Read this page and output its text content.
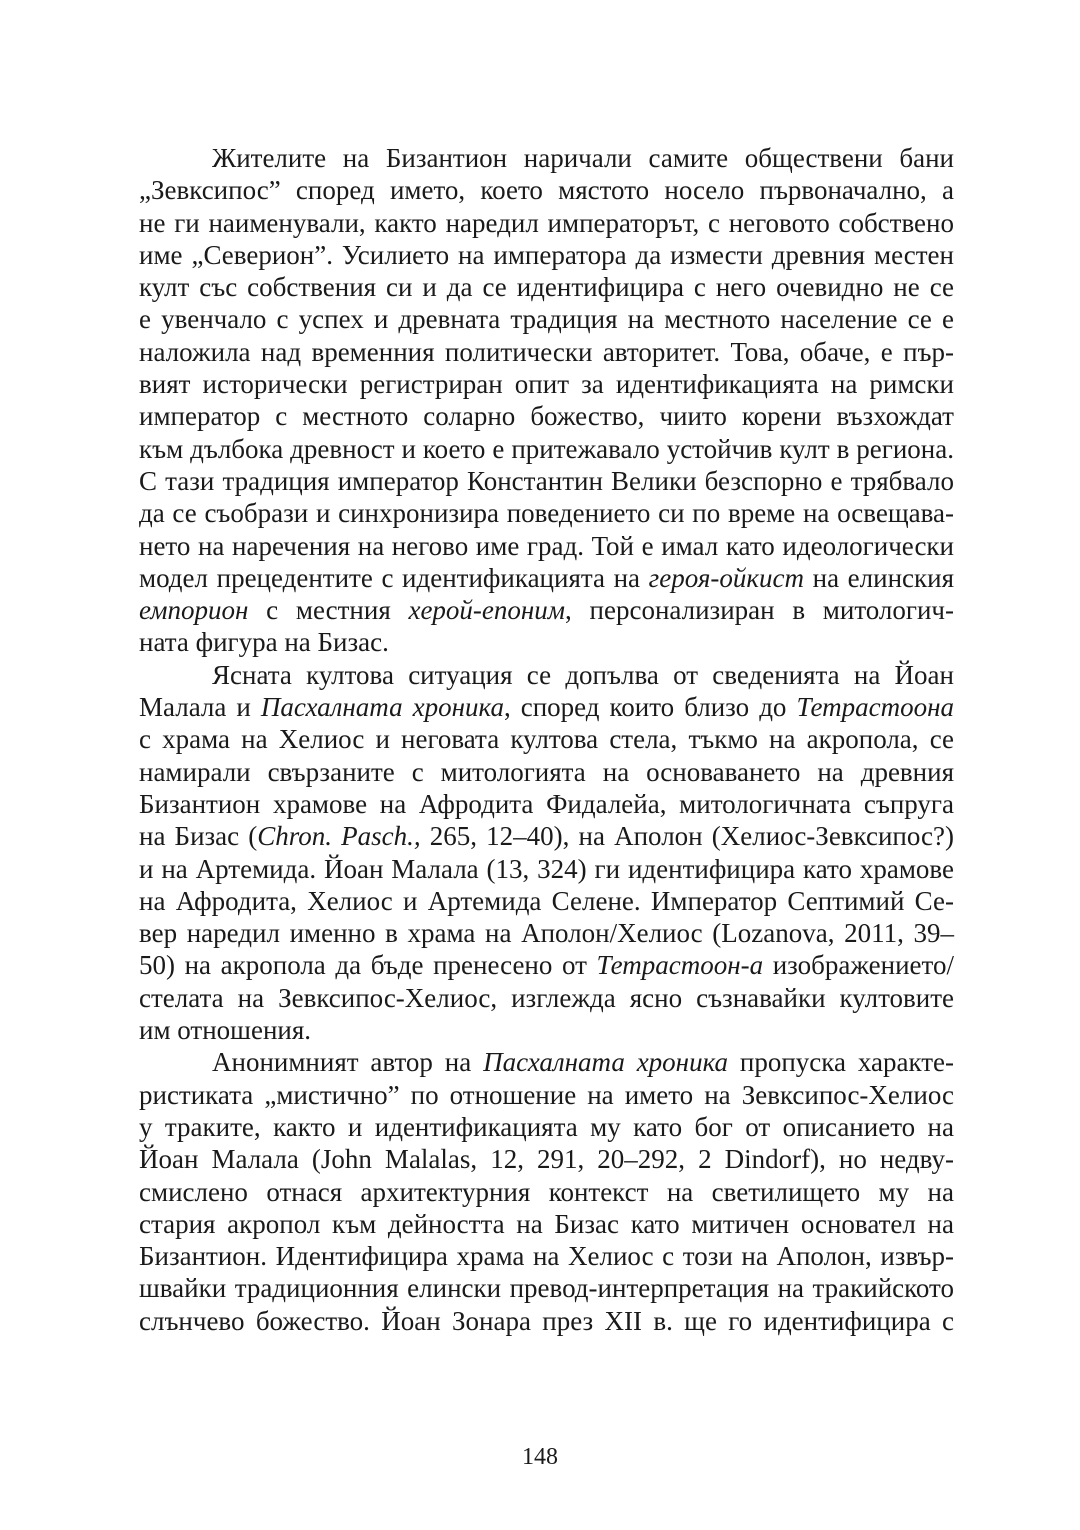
Жителите на Бизантион наричали самите обществени бани
„Зевксипос” според името, което мястото носело първоначално, а
не ги наименували, както наредил императорът, с неговото собствено
име „Северион”. Усилието на императора да измести древния местен
култ със собствения си и да се идентифицира с него очевидно не се
е увенчало с успех и древната традиция на местното население се е
наложила над временния политически авторитет. Това, обаче, е пър-
вият исторически регистриран опит за идентификацията на римски
император с местното соларно божество, чиито корени възхождат
към дълбока древност и което е притежавало устойчив култ в региона.
С тази традиция император Константин Велики безспорно е трябвало
да се съобрази и синхронизира поведението си по време на освещава-
нето на наречения на негово име град. Той е имал като идеологически
модел прецедентите с идентификацията на героя-ойкист на елинския
емпорион с местния херой-епоним, персонализиран в митологич-
ната фигура на Бизас.
Ясната култова ситуация се допълва от сведенията на Йоан
Малала и Пасхалната хроника, според които близо до Тетрастоона
с храма на Хелиос и неговата култова стела, тъкмо на акропола, се
намирали свързаните с митологията на основаването на древния
Бизантион храмове на Афродита Фидалейа, митологичната съпруга
на Бизас (Chron. Pasch., 265, 12–40), на Аполон (Хелиос-Зевксипос?)
и на Артемида. Йоан Малала (13, 324) ги идентифицира като храмове
на Афродита, Хелиос и Артемида Селене. Император Септимий Се-
вер наредил именно в храма на Аполон/Хелиос (Lozanova, 2011, 39–
50) на акропола да бъде пренесено от Тетрастоон-а изображението/
стелата на Зевксипос-Хелиос, изглежда ясно съзнавайки култовите
им отношения.
Анонимният автор на Пасхалната хроника пропуска характе-
ристиката „мистично” по отношение на името на Зевксипос-Хелиос
у траките, както и идентификацията му като бог от описанието на
Йоан Малала (John Malalas, 12, 291, 20–292, 2 Dindorf), но недву-
смислено отнася архитектурния контекст на светилището му на
стария акропол към дейността на Бизас като митичен основател на
Бизантион. Идентифицира храма на Хелиос с този на Аполон, извър-
швайки традиционния елински превод-интерпретация на тракийското
слънчево божество. Йоан Зонара през XII в. ще го идентифицира с
148
